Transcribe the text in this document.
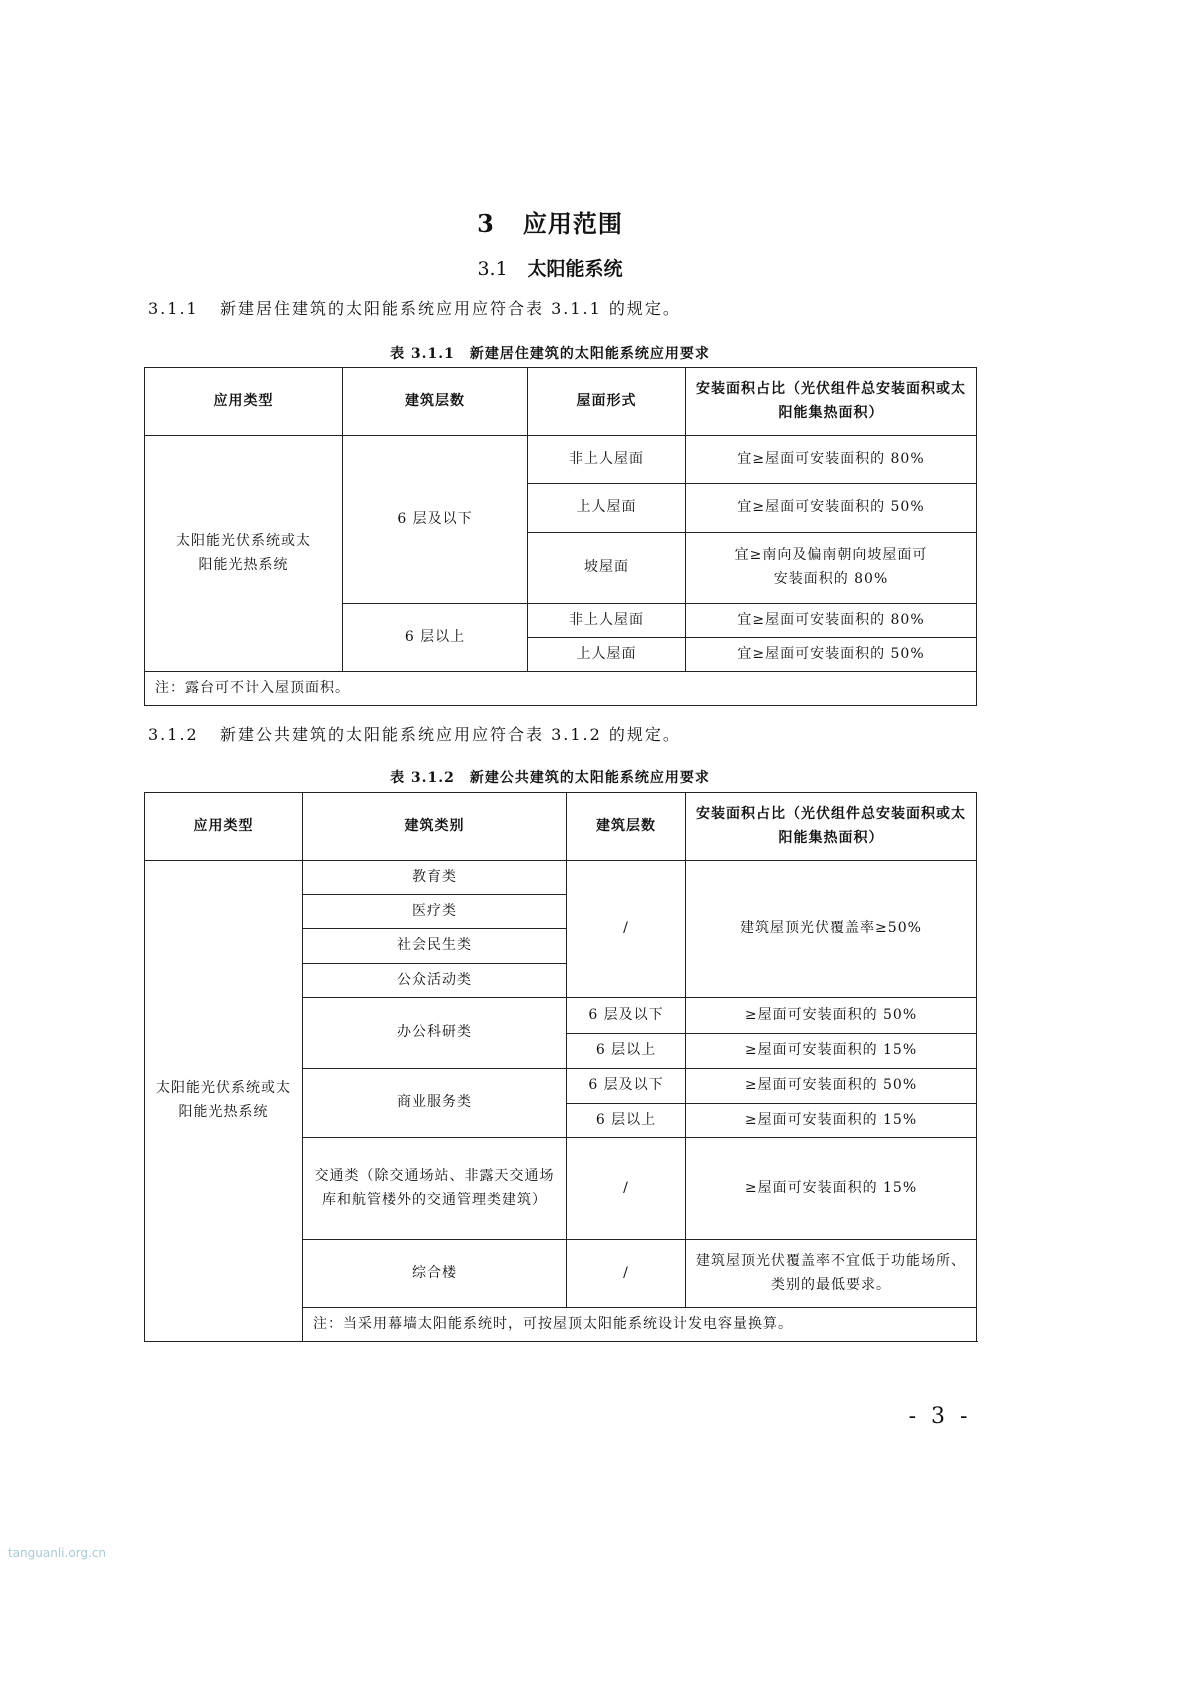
3 应用范围
3.1 太阳能系统
3.1.1 新建居住建筑的太阳能系统应用应符合表 3.1.1 的规定。
表 3.1.1　新建居住建筑的太阳能系统应用要求
应用类型	建筑层数	屋面形式	安装面积占比（光伏组件总安装面积或太阳能集热面积）
太阳能光伏系统或太阳能光热系统	6 层及以下	非上人屋面	宜≥屋面可安装面积的 80%
		上人屋面	宜≥屋面可安装面积的 50%
		坡屋面	宜≥南向及偏南朝向坡屋面可安装面积的 80%
	6 层以上	非上人屋面	宜≥屋面可安装面积的 80%
		上人屋面	宜≥屋面可安装面积的 50%
注：露台可不计入屋顶面积。			
3.1.2 新建公共建筑的太阳能系统应用应符合表 3.1.2 的规定。
表 3.1.2　新建公共建筑的太阳能系统应用要求
应用类型	建筑类别	建筑层数	安装面积占比（光伏组件总安装面积或太阳能集热面积）
太阳能光伏系统或太阳能光热系统	教育类	/	建筑屋顶光伏覆盖率≥50%
	医疗类		
	社会民生类		
	公众活动类		
	办公科研类	6 层及以下	≥屋面可安装面积的 50%
		6 层以上	≥屋面可安装面积的 15%
	商业服务类	6 层及以下	≥屋面可安装面积的 50%
		6 层以上	≥屋面可安装面积的 15%
	交通类（除交通场站、非露天交通场库和航管楼外的交通管理类建筑）	/	≥屋面可安装面积的 15%
	综合楼	/	建筑屋顶光伏覆盖率不宜低于功能场所、类别的最低要求。
	注：当采用幕墙太阳能系统时，可按屋顶太阳能系统设计发电容量换算。		
- 3 -
tanguanli.org.cn
